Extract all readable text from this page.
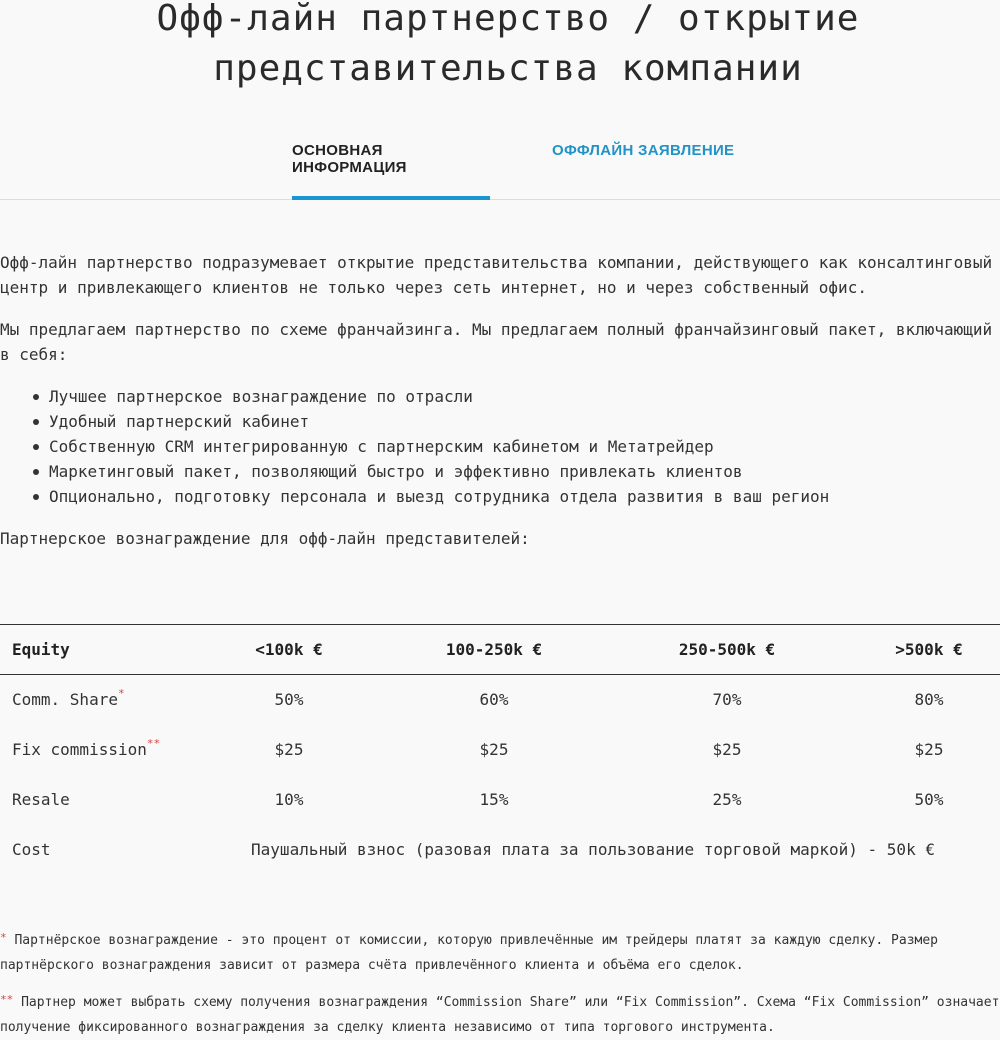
Офф-лайн партнерство / открытие представительства компании
ОСНОВНАЯ ИНФОРМАЦИЯ
ОФФЛАЙН ЗАЯВЛЕНИЕ

Офф-лайн партнерство подразумевает открытие представительства компании, действующего как консалтинговый центр и привлекающего клиентов не только через сеть интернет, но и через собственный офис.

Мы предлагаем партнерство по схеме франчайзинга. Мы предлагаем полный франчайзинговый пакет, включающий в себя:

Лучшее партнерское вознаграждение по отрасли
Удобный партнерский кабинет
Собственную CRM интегрированную с партнерским кабинетом и Метатрейдер
Маркетинговый пакет, позволяющий быстро и эффективно привлекать клиентов
Опционально, подготовку персонала и выезд сотрудника отдела развития в ваш регион

Партнерское вознаграждение для офф-лайн представителей:

Equity	<100k €	100-250k €	250-500k €	>500k €
Comm. Share*	50%	60%	70%	80%
Fix commission**	$25	$25	$25	$25
Resale	10%	15%	25%	50%
Cost	Паушальный взнос (разовая плата за пользование торговой маркой) - 50k €			

* Партнёрское вознаграждение - это процент от комиссии, которую привлечённые им трейдеры платят за каждую сделку. Размер партнёрского вознаграждения зависит от размера счёта привлечённого клиента и объёма его сделок.

** Партнер может выбрать схему получения вознаграждения “Commission Share” или “Fix Commission”. Схема “Fix Commission” означает получение фиксированного вознаграждения за сделку клиента независимо от типа торгового инструмента.
